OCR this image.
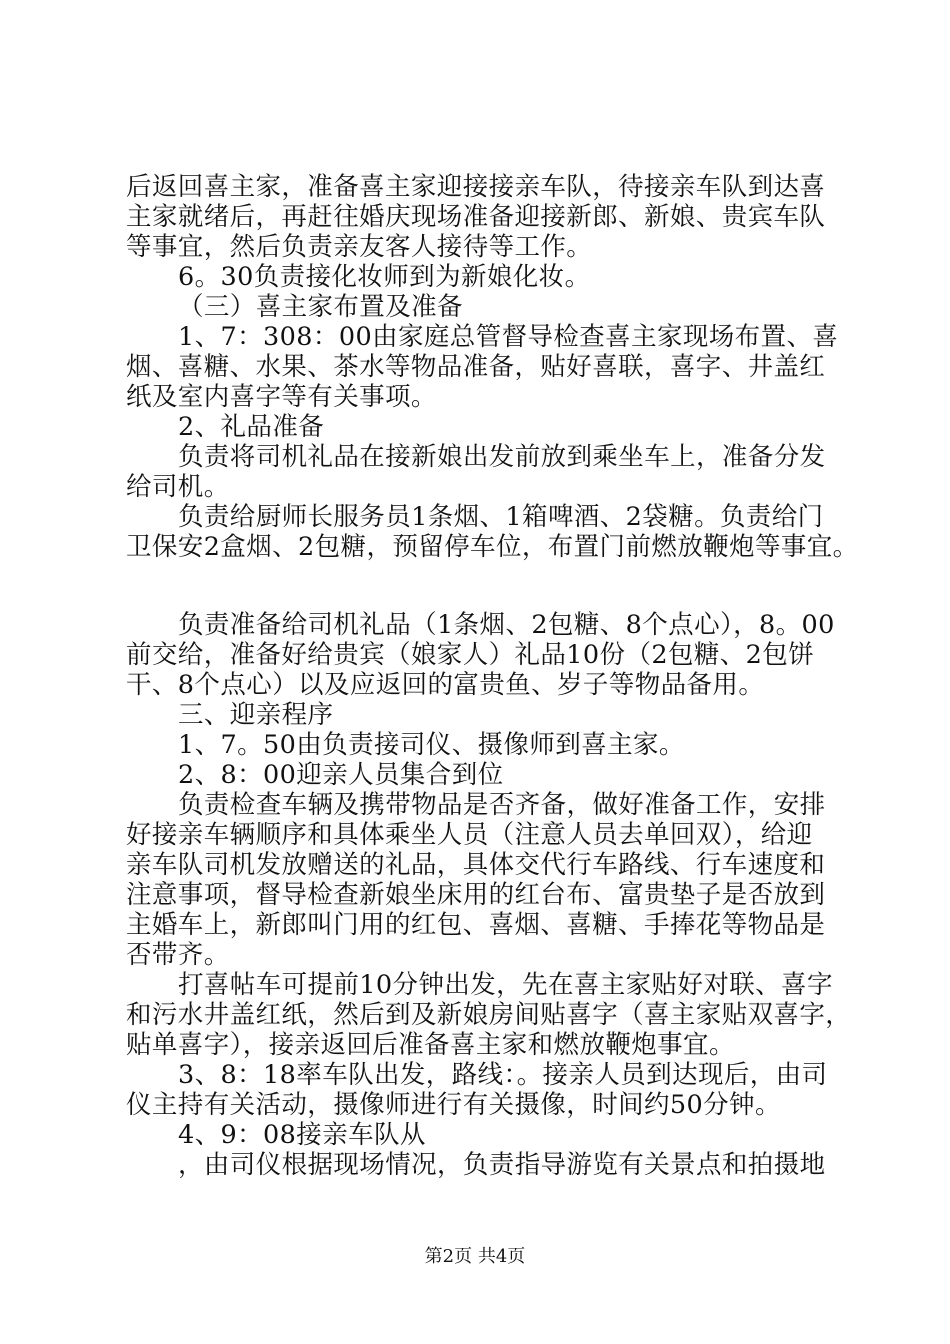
后返回喜主家，准备喜主家迎接接亲车队，待接亲车队到达喜

主家就绪后，再赶往婚庆现场准备迎接新郎、新娘、贵宾车队

等事宜，然后负责亲友客人接待等工作。

6。30负责接化妆师到为新娘化妆。

（三）喜主家布置及准备

1、7：308：00由家庭总管督导检查喜主家现场布置、喜

烟、喜糖、水果、茶水等物品准备，贴好喜联，喜字、井盖红

纸及室内喜字等有关事项。

2、礼品准备

负责将司机礼品在接新娘出发前放到乘坐车上，准备分发

给司机。

负责给厨师长服务员1条烟、1箱啤酒、2袋糖。负责给门

卫保安2盒烟、2包糖，预留停车位，布置门前燃放鞭炮等事宜。

负责准备给司机礼品（1条烟、2包糖、8个点心），8。00

前交给，准备好给贵宾（娘家人）礼品10份（2包糖、2包饼

干、8个点心）以及应返回的富贵鱼、岁子等物品备用。

三、迎亲程序

1、7。50由负责接司仪、摄像师到喜主家。

2、8：00迎亲人员集合到位

负责检查车辆及携带物品是否齐备，做好准备工作，安排

好接亲车辆顺序和具体乘坐人员（注意人员去单回双），给迎

亲车队司机发放赠送的礼品，具体交代行车路线、行车速度和

注意事项，督导检查新娘坐床用的红台布、富贵垫子是否放到

主婚车上，新郎叫门用的红包、喜烟、喜糖、手捧花等物品是

否带齐。

打喜帖车可提前10分钟出发，先在喜主家贴好对联、喜字

和污水井盖红纸，然后到及新娘房间贴喜字（喜主家贴双喜字，

贴单喜字），接亲返回后准备喜主家和燃放鞭炮事宜。

3、8：18率车队出发，路线：。接亲人员到达现后，由司

仪主持有关活动，摄像师进行有关摄像，时间约50分钟。

4、9：08接亲车队从

，由司仪根据现场情况，负责指导游览有关景点和拍摄地

第2页 共4页
